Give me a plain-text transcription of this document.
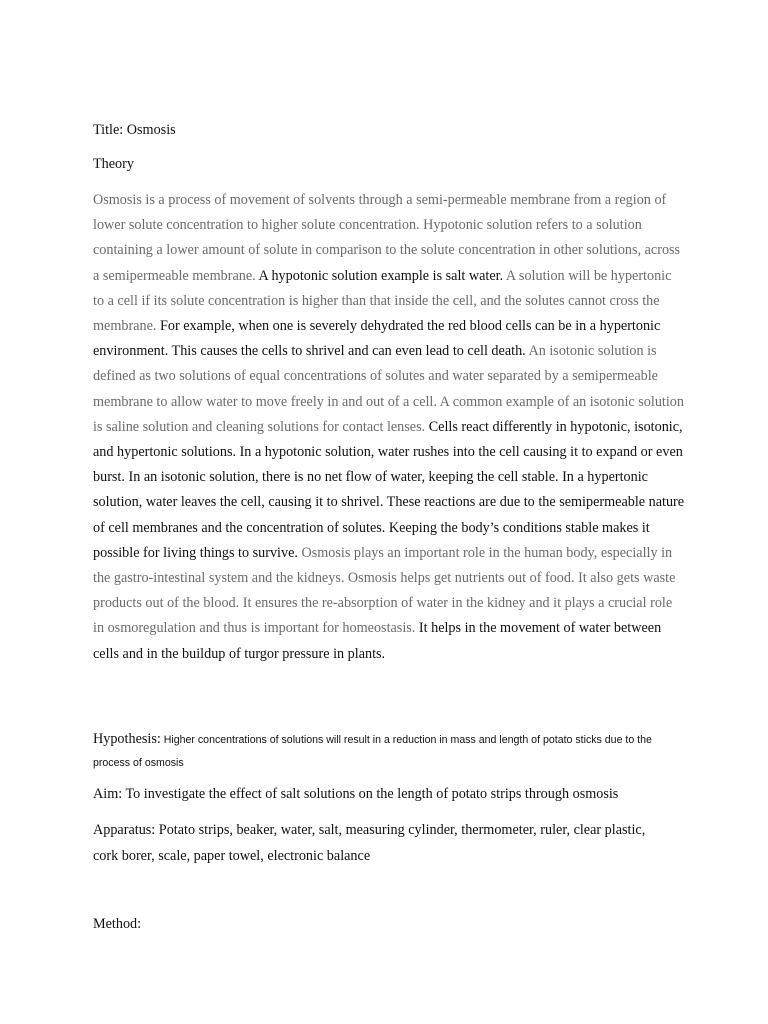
Title: Osmosis

Theory

Osmosis is a process of movement of solvents through a semi-permeable membrane from a region of lower solute concentration to higher solute concentration. Hypotonic solution refers to a solution containing a lower amount of solute in comparison to the solute concentration in other solutions, across a semipermeable membrane. A hypotonic solution example is salt water. A solution will be hypertonic to a cell if its solute concentration is higher than that inside the cell, and the solutes cannot cross the membrane. For example, when one is severely dehydrated the red blood cells can be in a hypertonic environment. This causes the cells to shrivel and can even lead to cell death. An isotonic solution is defined as two solutions of equal concentrations of solutes and water separated by a semipermeable membrane to allow water to move freely in and out of a cell. A common example of an isotonic solution is saline solution and cleaning solutions for contact lenses. Cells react differently in hypotonic, isotonic, and hypertonic solutions. In a hypotonic solution, water rushes into the cell causing it to expand or even burst. In an isotonic solution, there is no net flow of water, keeping the cell stable. In a hypertonic solution, water leaves the cell, causing it to shrivel. These reactions are due to the semipermeable nature of cell membranes and the concentration of solutes. Keeping the body’s conditions stable makes it possible for living things to survive. Osmosis plays an important role in the human body, especially in the gastro-intestinal system and the kidneys. Osmosis helps get nutrients out of food. It also gets waste products out of the blood. It ensures the re-absorption of water in the kidney and it plays a crucial role in osmoregulation and thus is important for homeostasis. It helps in the movement of water between cells and in the buildup of turgor pressure in plants.

Hypothesis: Higher concentrations of solutions will result in a reduction in mass and length of potato sticks due to the process of osmosis

Aim: To investigate the effect of salt solutions on the length of potato strips through osmosis

Apparatus: Potato strips, beaker, water, salt, measuring cylinder, thermometer, ruler, clear plastic, cork borer, scale, paper towel, electronic balance

Method:
